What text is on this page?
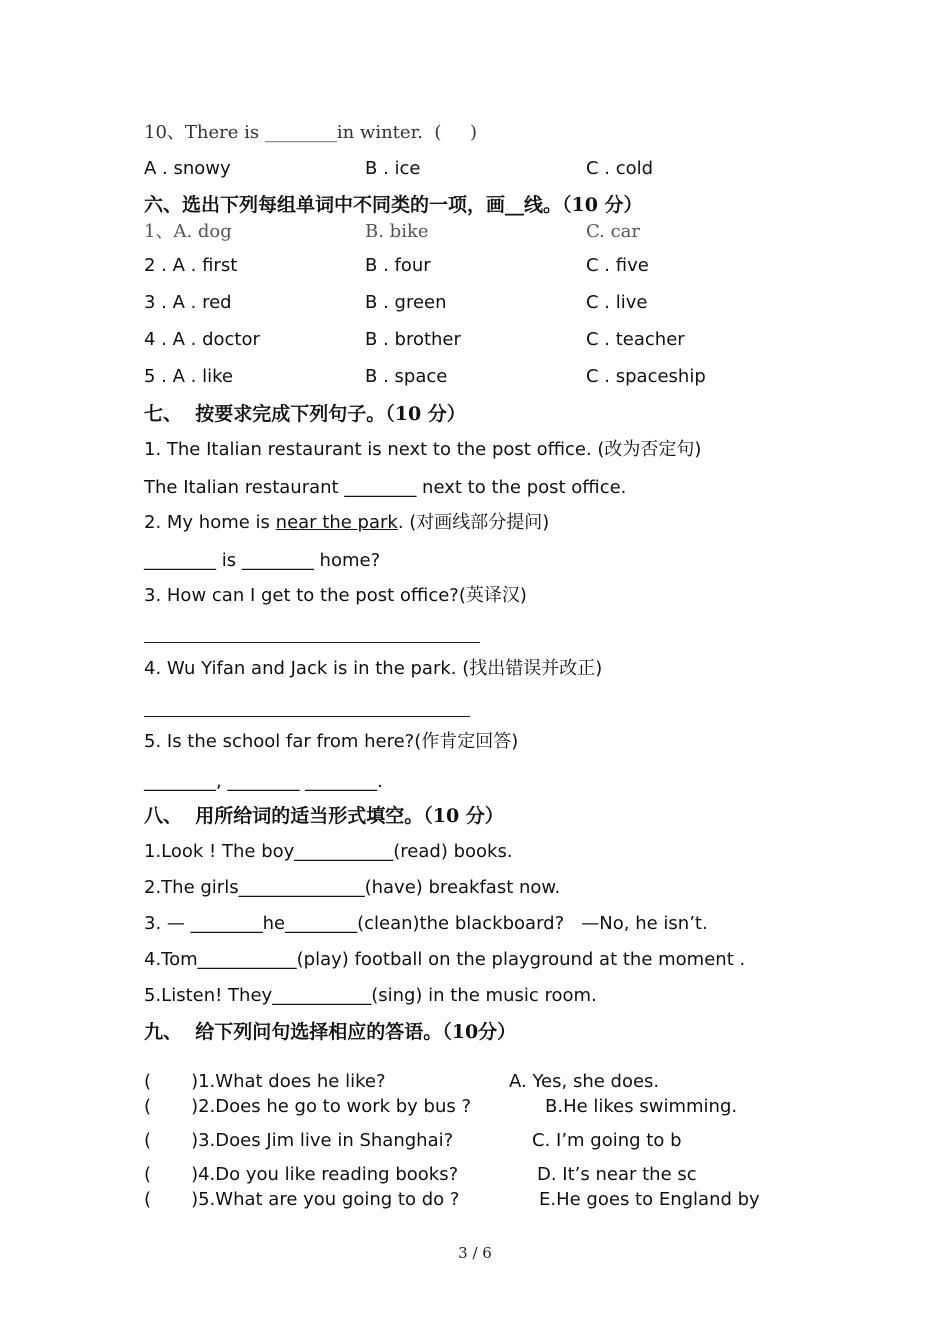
10、There is ________in winter.  (     )
A . snowy	B . ice	C . cold
六、选出下列每组单词中不同类的一项，画__线。（10 分）
1、A. dog	B. bike	C. car
2 . A . first	B . four	C . five
3 . A . red	B . green	C . live
4 . A . doctor	B . brother	C . teacher
5 . A . like	B . space	C . spaceship
七、  按要求完成下列句子。（10 分）
1. The Italian restaurant is next to the post office. (改为否定句)
The Italian restaurant ________ next to the post office.
2. My home is near the park. (对画线部分提问)
________ is ________ home?
3. How can I get to the post office?(英译汉)
4. Wu Yifan and Jack is in the park. (找出错误并改正)
5. Is the school far from here?(作肯定回答)
________, ________ ________.
八、  用所给词的适当形式填空。（10 分）
1.Look ! The boy___________(read) books.
2.The girls______________(have) breakfast now.
3. — ________he________(clean)the blackboard?   —No, he isn’t.
4.Tom___________(play) football on the playground at the moment .
5.Listen! They___________(sing) in the music room.
九、  给下列问句选择相应的答语。（10分）
(       )1.What does he like?	A. Yes, she does.
(       )2.Does he go to work by bus ?	B.He likes swimming.
(       )3.Does Jim live in Shanghai?	C. I’m going to b
(       )4.Do you like reading books?	D. It’s near the sc
(       )5.What are you going to do ?	E.He goes to England by
3 / 6
